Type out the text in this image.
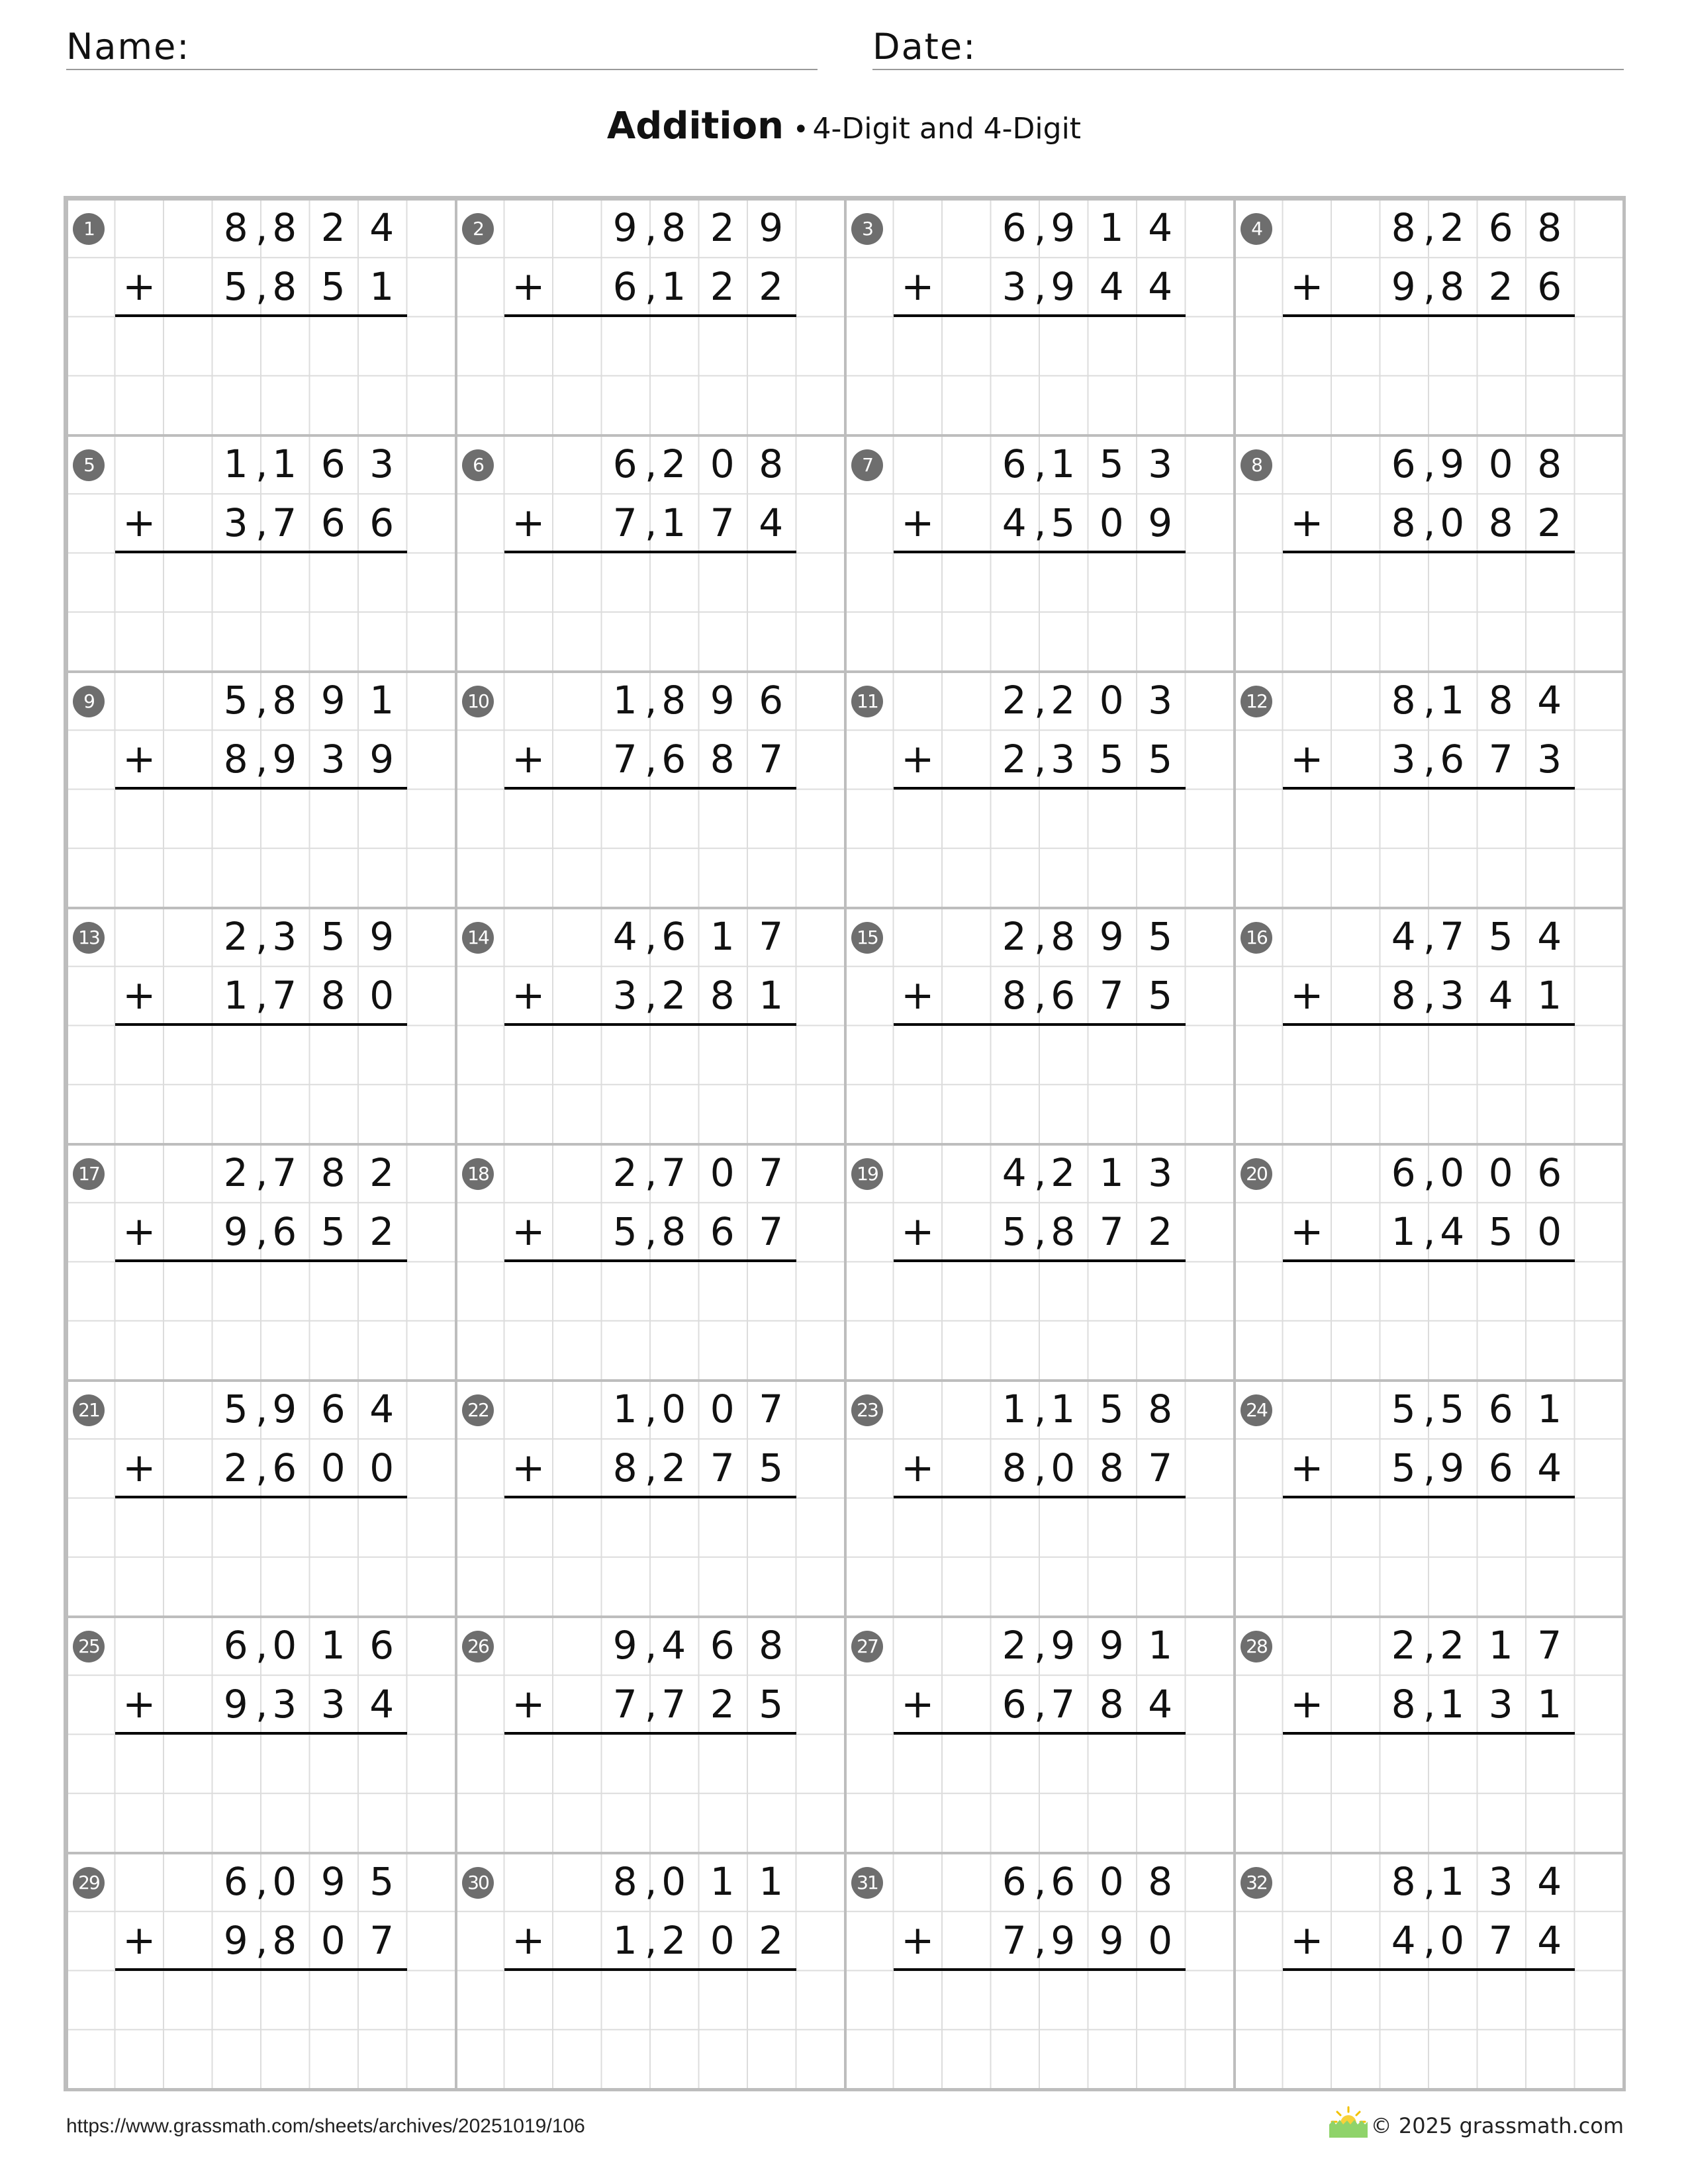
Name:	Date:
Addition • 4-Digit and 4-Digit
1
+
8 8 2 4
,
5 8 5 1
,
2
+
9 8 2 9
,
6 1 2 2
,
3
+
6 9 1 4
,
3 9 4 4
,
4
+
8 2 6 8
,
9 8 2 6
,
5
+
1 1 6 3
,
3 7 6 6
,
6
+
6 2 0 8
,
7 1 7 4
,
7
+
6 1 5 3
,
4 5 0 9
,
8
+
6 9 0 8
,
8 0 8 2
,
9
+
5 8 9 1
,
8 9 3 9
,
10
+
1 8 9 6
,
7 6 8 7
,
11
+
2 2 0 3
,
2 3 5 5
,
12
+
8 1 8 4
,
3 6 7 3
,
13
+
2 3 5 9
,
1 7 8 0
,
14
+
4 6 1 7
,
3 2 8 1
,
15
+
2 8 9 5
,
8 6 7 5
,
16
+
4 7 5 4
,
8 3 4 1
,
17
+
2 7 8 2
,
9 6 5 2
,
18
+
2 7 0 7
,
5 8 6 7
,
19
+
4 2 1 3
,
5 8 7 2
,
20
+
6 0 0 6
,
1 4 5 0
,
21
+
5 9 6 4
,
2 6 0 0
,
22
+
1 0 0 7
,
8 2 7 5
,
23
+
1 1 5 8
,
8 0 8 7
,
24
+
5 5 6 1
,
5 9 6 4
,
25
+
6 0 1 6
,
9 3 3 4
,
26
+
9 4 6 8
,
7 7 2 5
,
27
+
2 9 9 1
,
6 7 8 4
,
28
+
2 2 1 7
,
8 1 3 1
,
29
+
6 0 9 5
,
9 8 0 7
,
30
+
8 0 1 1
,
1 2 0 2
,
31
+
6 6 0 8
,
7 9 9 0
,
32
+
8 1 3 4
,
4 0 7 4
,
https://www.grassmath.com/sheets/archives/20251019/106	© 2025 grassmath.com
